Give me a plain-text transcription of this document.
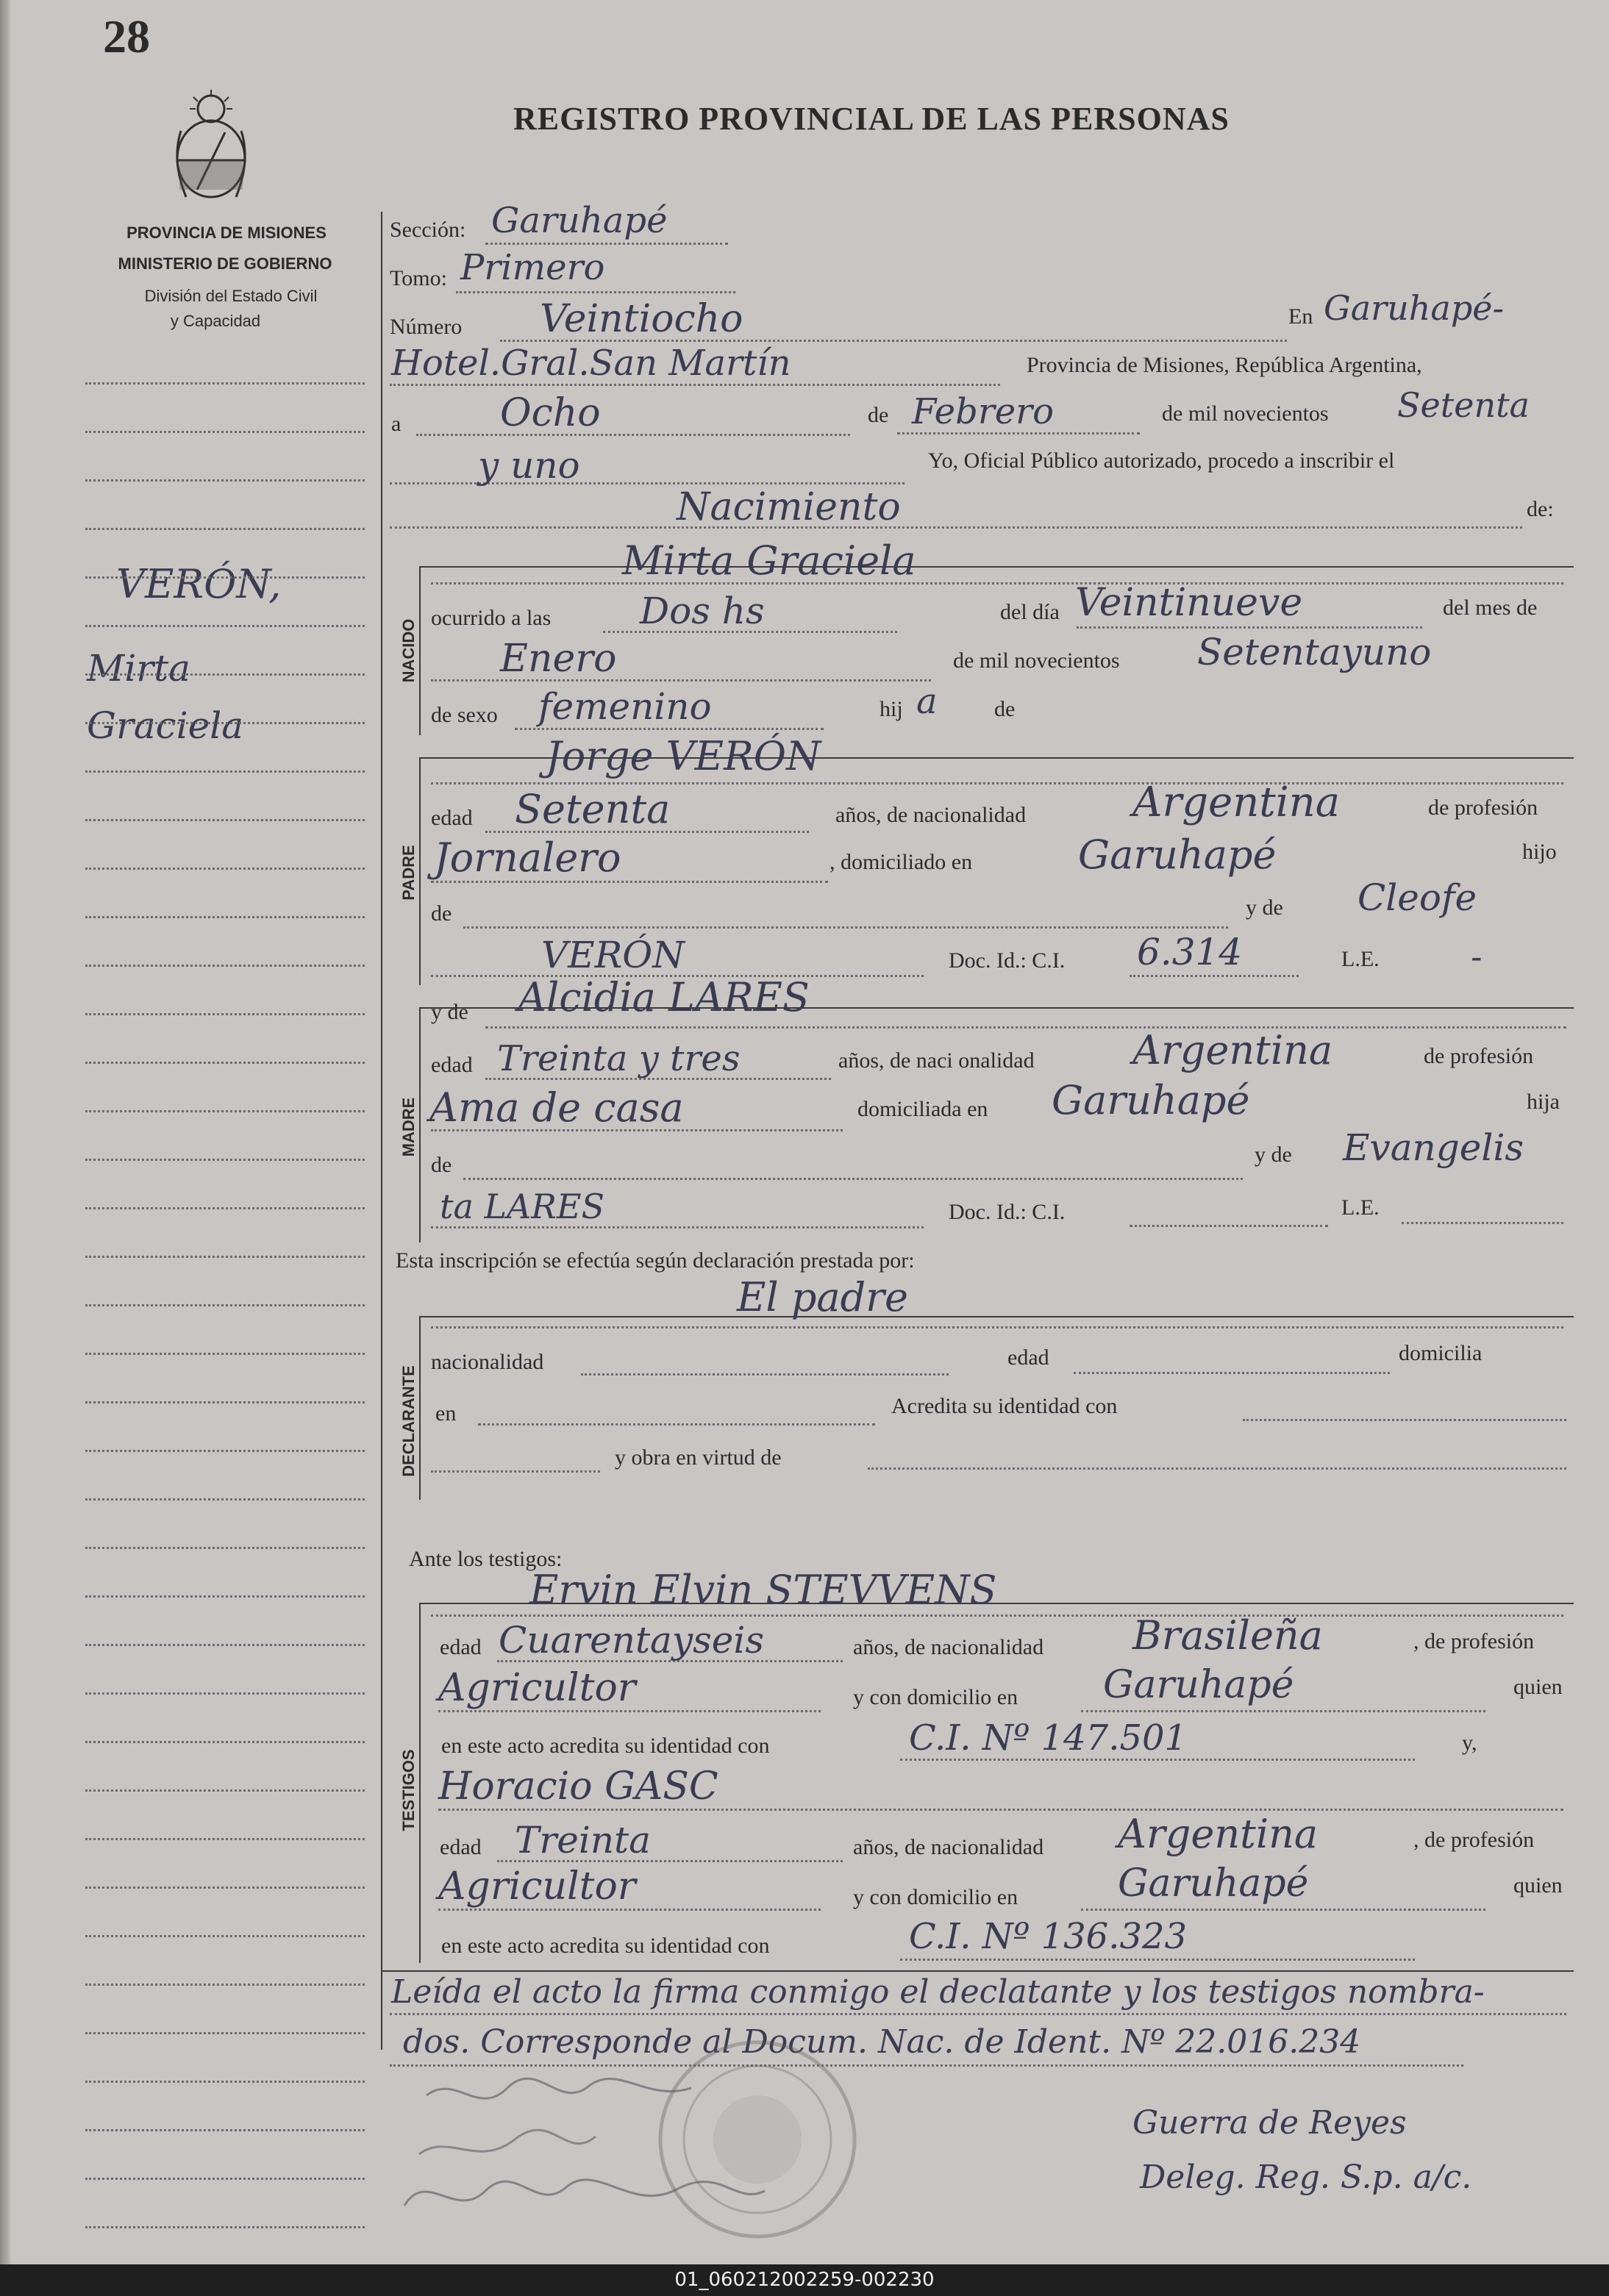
28
REGISTRO PROVINCIAL DE LAS PERSONAS
PROVINCIA DE MISIONES
MINISTERIO DE GOBIERNO
División del Estado Civil
y Capacidad
VERÓN,
Mirta
Graciela
NACIDO
PADRE
MADRE
DECLARANTE
TESTIGOS
Sección: Garuhapé
Tomo: Primero
Número Veintiocho	En Garuhapé-
Hotel.Gral.San Martín	Provincia de Misiones, República Argentina,
a	Ocho	de Febrero	de mil novecientos Setenta
y uno	Yo, Oficial Público autorizado, procedo a inscribir el
Nacimiento	de:
Mirta Graciela
ocurrido a las Dos hs	del día Veintinueve	del mes de
Enero	de mil novecientos Setentayuno
de sexo femenino	hij a	de
Jorge VERÓN
edad Setenta	años, de nacionalidad	Argentina	de profesión
Jornalero	, domiciliado en	Garuhapé	hijo
de	y de Cleofe
VERÓN	Doc. Id.: C.I. 6.314	L.E.	-
y de Alcidia LARES
edad Treinta y tres	años, de naci onalidad Argentina	de profesión
Ama de casa	domiciliada en Garuhapé	hija
de	y de Evangelis
ta LARES	Doc. Id.: C.I.	L.E.
Esta inscripción se efectúa según declaración prestada por:
El padre
nacionalidad	edad	domicilia
en	Acredita su identidad con
y obra en virtud de
Ante los testigos:
Ervin Elvin STEVVENS
edad Cuarentayseis	años, de nacionalidad Brasileña	, de profesión
Agricultor	y con domicilio en Garuhapé	quien
en este acto acredita su identidad con	C.I. Nº 147.501	y,
Horacio GASC
edad Treinta	años, de nacionalidad Argentina	, de profesión
Agricultor	y con domicilio en	Garuhapé	quien
en este acto acredita su identidad con	C.I. Nº 136.323
Leída el acto la firma conmigo el declatante y los testigos nombra-
dos. Corresponde al Docum. Nac. de Ident. Nº 22.016.234
Guerra de Reyes
Deleg. Reg. S.p. a/c.
01_060212002259-002230
